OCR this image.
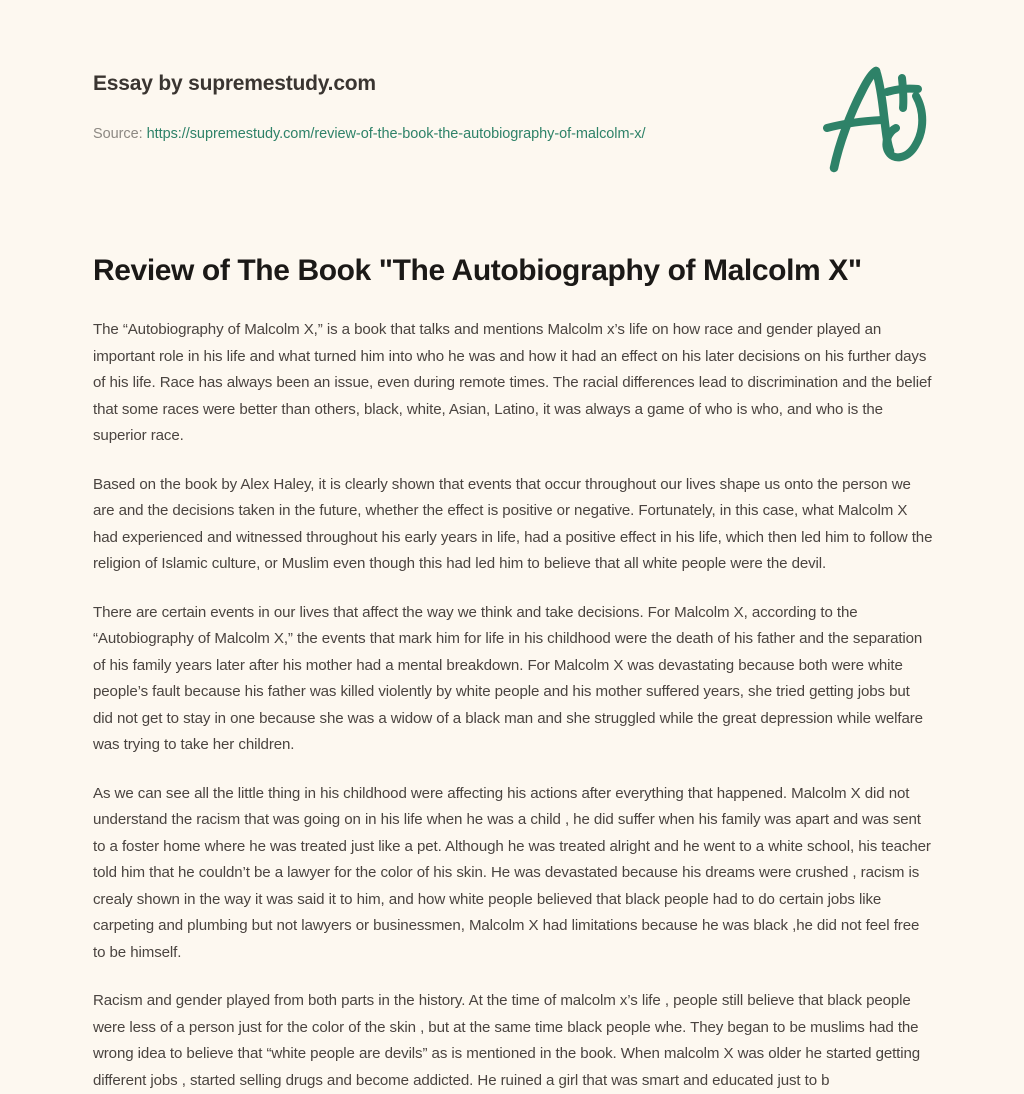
Essay by supremestudy.com
Source: https://supremestudy.com/review-of-the-book-the-autobiography-of-malcolm-x/
Review of The Book "The Autobiography of Malcolm X"

The “Autobiography of Malcolm X,” is a book that talks and mentions Malcolm x’s life on how race and gender played an important role in his life and what turned him into who he was and how it had an effect on his later decisions on his further days of his life. Race has always been an issue, even during remote times. The racial differences lead to discrimination and the belief that some races were better than others, black, white, Asian, Latino, it was always a game of who is who, and who is the superior race.

Based on the book by Alex Haley, it is clearly shown that events that occur throughout our lives shape us onto the person we are and the decisions taken in the future, whether the effect is positive or negative. Fortunately, in this case, what Malcolm X had experienced and witnessed throughout his early years in life, had a positive effect in his life, which then led him to follow the religion of Islamic culture, or Muslim even though this had led him to believe that all white people were the devil.

There are certain events in our lives that affect the way we think and take decisions. For Malcolm X, according to the “Autobiography of Malcolm X,” the events that mark him for life in his childhood were the death of his father and the separation of his family years later after his mother had a mental breakdown. For Malcolm X was devastating because both were white people’s fault because his father was killed violently by white people and his mother suffered years, she tried getting jobs but did not get to stay in one because she was a widow of a black man and she struggled while the great depression while welfare was trying to take her children.

As we can see all the little thing in his childhood were affecting his actions after everything that happened. Malcolm X did not understand the racism that was going on in his life when he was a child , he did suffer when his family was apart and was sent to a foster home where he was treated just like a pet. Although he was treated alright and he went to a white school, his teacher told him that he couldn’t be a lawyer for the color of his skin. He was devastated because his dreams were crushed , racism is crealy shown in the way it was said it to him, and how white people believed that black people had to do certain jobs like carpeting and plumbing but not lawyers or businessmen, Malcolm X had limitations because he was black ,he did not feel free to be himself.

Racism and gender played from both parts in the history. At the time of malcolm x’s life , people still believe that black people were less of a person just for the color of the skin , but at the same time black people whe. They began to be muslims had the wrong idea to believe that “white people are devils” as is mentioned in the book. When malcolm X was older he started getting different jobs , started selling drugs and become addicted. He ruined a girl that was smart and educated just to b
